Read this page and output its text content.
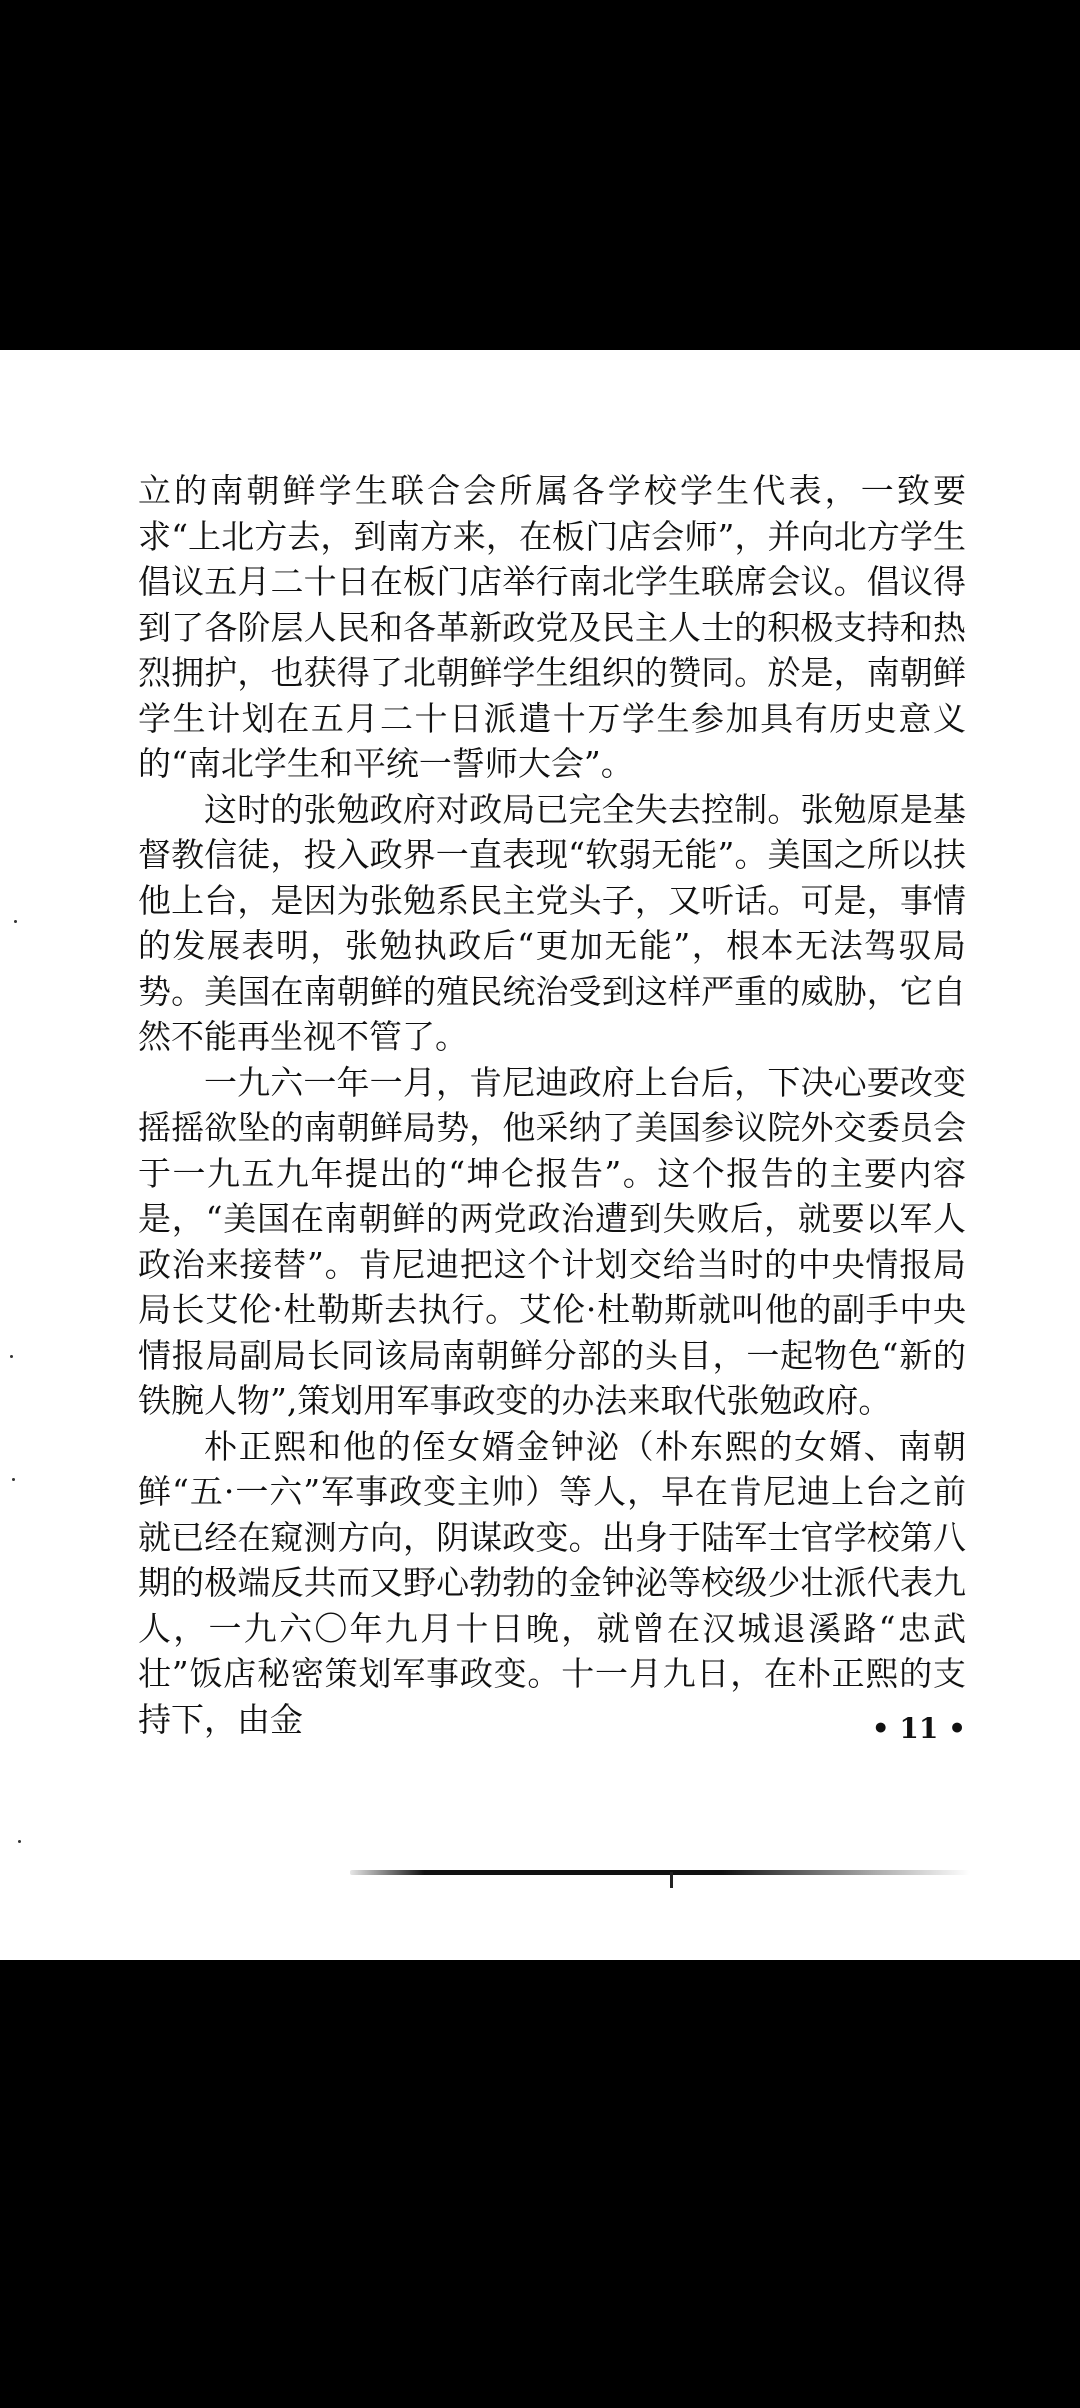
立的南朝鲜学生联合会所属各学校学生代表，一致要求“上北方去，到南方来，在板门店会师”，并向北方学生倡议五月二十日在板门店举行南北学生联席会议。倡议得到了各阶层人民和各革新政党及民主人士的积极支持和热烈拥护，也获得了北朝鲜学生组织的赞同。於是，南朝鲜学生计划在五月二十日派遣十万学生参加具有历史意义的“南北学生和平统一誓师大会”。

这时的张勉政府对政局已完全失去控制。张勉原是基督教信徒，投入政界一直表现“软弱无能”。美国之所以扶他上台，是因为张勉系民主党头子，又听话。可是，事情的发展表明，张勉执政后“更加无能”，根本无法驾驭局势。美国在南朝鲜的殖民统治受到这样严重的威胁，它自然不能再坐视不管了。

一九六一年一月，肯尼迪政府上台后，下决心要改变摇摇欲坠的南朝鲜局势，他采纳了美国参议院外交委员会于一九五九年提出的“坤仑报告”。这个报告的主要内容是，“美国在南朝鲜的两党政治遭到失败后，就要以军人政治来接替”。肯尼迪把这个计划交给当时的中央情报局局长艾伦·杜勒斯去执行。艾伦·杜勒斯就叫他的副手中央情报局副局长同该局南朝鲜分部的头目，一起物色“新的铁腕人物”,策划用军事政变的办法来取代张勉政府。

朴正熙和他的侄女婿金钟泌（朴东熙的女婿、南朝鲜“五·一六”军事政变主帅）等人，早在肯尼迪上台之前就已经在窥测方向，阴谋政变。出身于陆军士官学校第八期的极端反共而又野心勃勃的金钟泌等校级少壮派代表九人，一九六〇年九月十日晚，就曾在汉城退溪路“忠武壮”饭店秘密策划军事政变。十一月九日，在朴正熙的支持下，由金	• 11 •
